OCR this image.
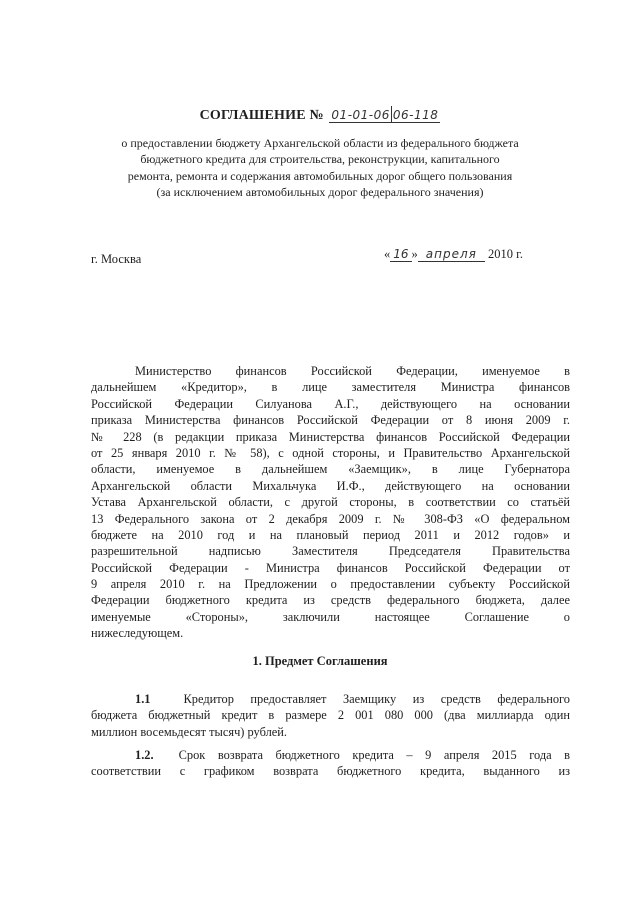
СОГЛАШЕНИЕ № 01-01-06 06-118
о предоставлении бюджету Архангельской области из федерального бюджета
бюджетного кредита для строительства, реконструкции, капитального
ремонта, ремонта и содержания автомобильных дорог общего пользования
(за исключением автомобильных дорог федерального значения)
г. Москва	« 16 » апреля 2010 г.
Министерство финансов Российской Федерации, именуемое в
дальнейшем «Кредитор», в лице заместителя Министра финансов
Российской Федерации Силуанова А.Г., действующего на основании
приказа Министерства финансов Российской Федерации от 8 июня 2009 г.
№ 228 (в редакции приказа Министерства финансов Российской Федерации
от 25 января 2010 г. № 58), с одной стороны, и Правительство Архангельской
области, именуемое в дальнейшем «Заемщик», в лице Губернатора
Архангельской области Михальчука И.Ф., действующего на основании
Устава Архангельской области, с другой стороны, в соответствии со статьёй
13 Федерального закона от 2 декабря 2009 г. № 308-ФЗ «О федеральном
бюджете на 2010 год и на плановый период 2011 и 2012 годов» и
разрешительной надписью Заместителя Председателя Правительства
Российской Федерации - Министра финансов Российской Федерации от
9 апреля 2010 г. на Предложении о предоставлении субъекту Российской
Федерации бюджетного кредита из средств федерального бюджета, далее
именуемые «Стороны», заключили настоящее Соглашение о
нижеследующем.
1. Предмет Соглашения
1.1	Кредитор предоставляет Заемщику из средств федерального
бюджета бюджетный кредит в размере 2 001 080 000 (два миллиарда один
миллион восемьдесят тысяч) рублей.
1.2. Срок возврата бюджетного кредита – 9 апреля 2015 года в
соответствии с графиком возврата бюджетного кредита, выданного из
